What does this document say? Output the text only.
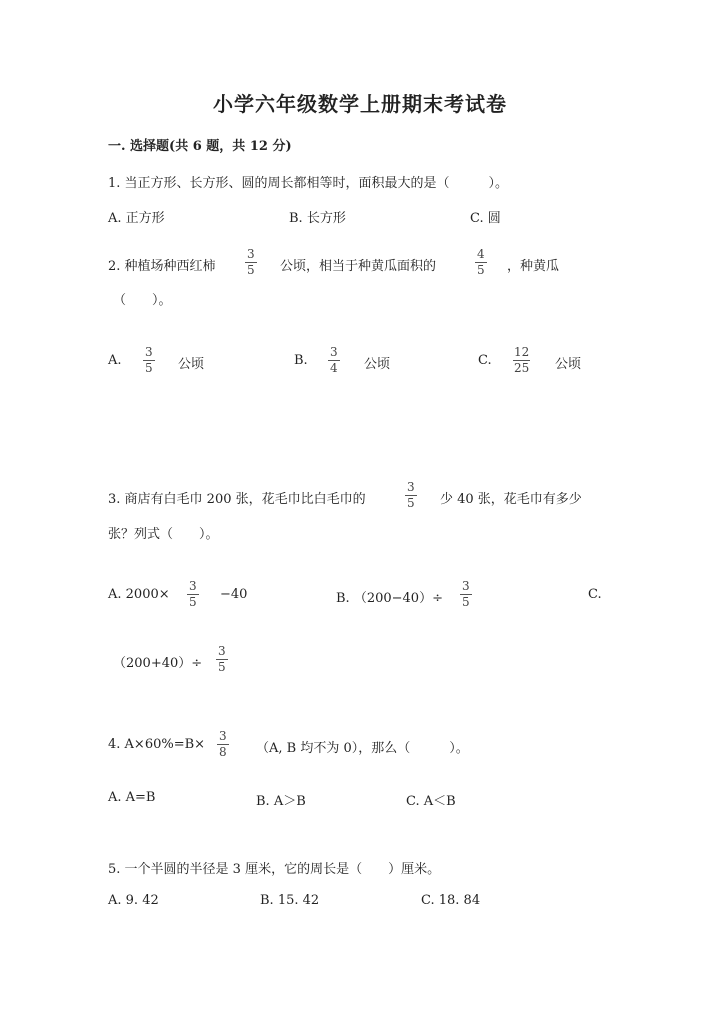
小学六年级数学上册期末考试卷
一. 选择题(共 6 题，共 12 分)
1. 当正方形、长方形、圆的周长都相等时，面积最大的是（　　　）。
A. 正方形	B. 长方形	C. 圆
2. 种植场种西红柿
3
5 公顷，相当于种黄瓜面积的
4
5 ，种黄瓜
（　　）。
A.
3
5 公顷	B.
3
4 公顷	C.
12
25 公顷
3. 商店有白毛巾 200 张，花毛巾比白毛巾的
3
5 少 40 张，花毛巾有多少
张？列式（　　）。
A. 2000×
3
5 −40	B. （200−40）÷
3
5	C.
（200+40）÷
3
5
4. A×60%=B×
3
8 （A, B 均不为 0），那么（　　　）。
A. A=B	B. A＞B	C. A＜B
5. 一个半圆的半径是 3 厘米，它的周长是（　　）厘米。
A. 9. 42	B. 15. 42	C. 18. 84
